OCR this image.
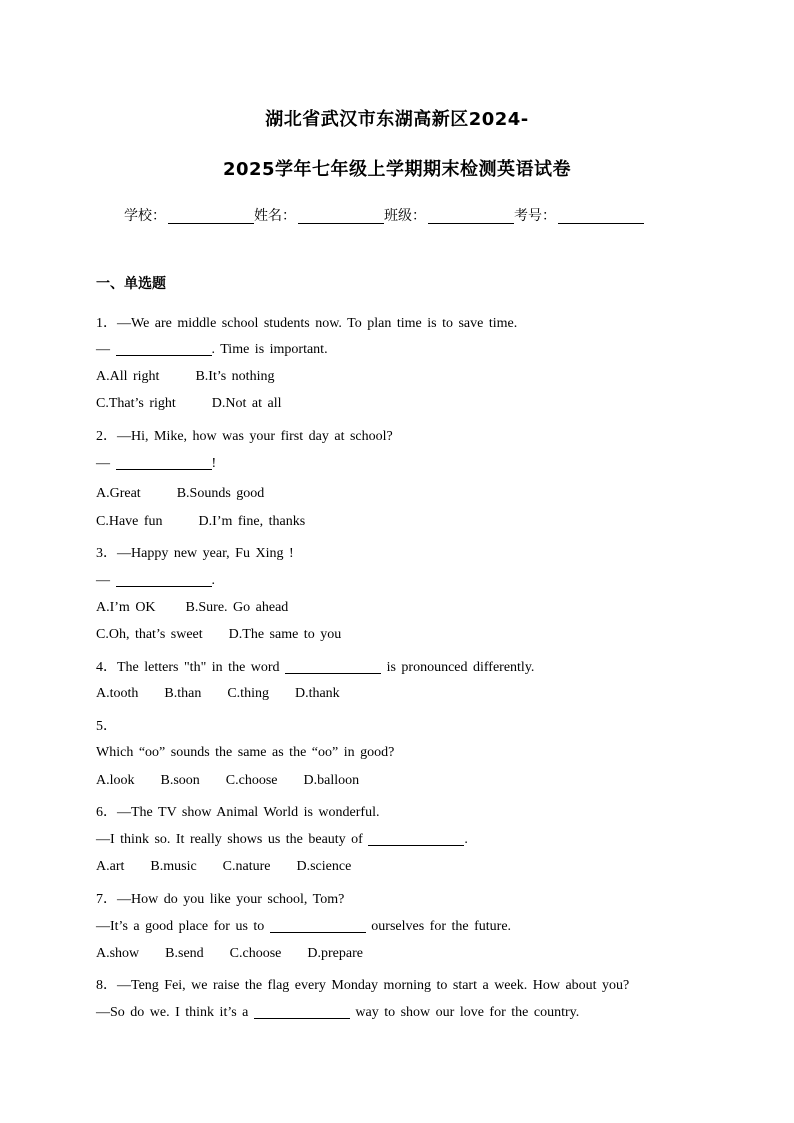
湖北省武汉市东湖高新区2024-
2025学年七年级上学期期末检测英语试卷
学校：	姓名：	班级：	考号：
一、单选题
1．—We are middle school students now. To plan time is to save time.
—	. Time is important.
A.All right	B.It’s nothing
C.That’s right	D.Not at all
2．—Hi, Mike, how was your first day at school?
—	!
A.Great	B.Sounds good
C.Have fun	D.I’m fine, thanks
3．—Happy new year, Fu Xing !
—	.
A.I’m OK B.Sure. Go ahead
C.Oh, that’s sweet D.The same to you
4．The letters "th" in the word	is pronounced differently.
A.tooth B.than C.thing D.thank
5．
Which “oo” sounds the same as the “oo” in good?
A.look B.soon C.choose D.balloon
6．—The TV show Animal World is wonderful.
—I think so. It really shows us the beauty of	.
A.art B.music C.nature D.science
7．—How do you like your school, Tom?
—It’s a good place for us to	ourselves for the future.
A.show B.send C.choose D.prepare
8．—Teng Fei, we raise the flag every Monday morning to start a week. How about you?
—So do we. I think it’s a	way to show our love for the country.
